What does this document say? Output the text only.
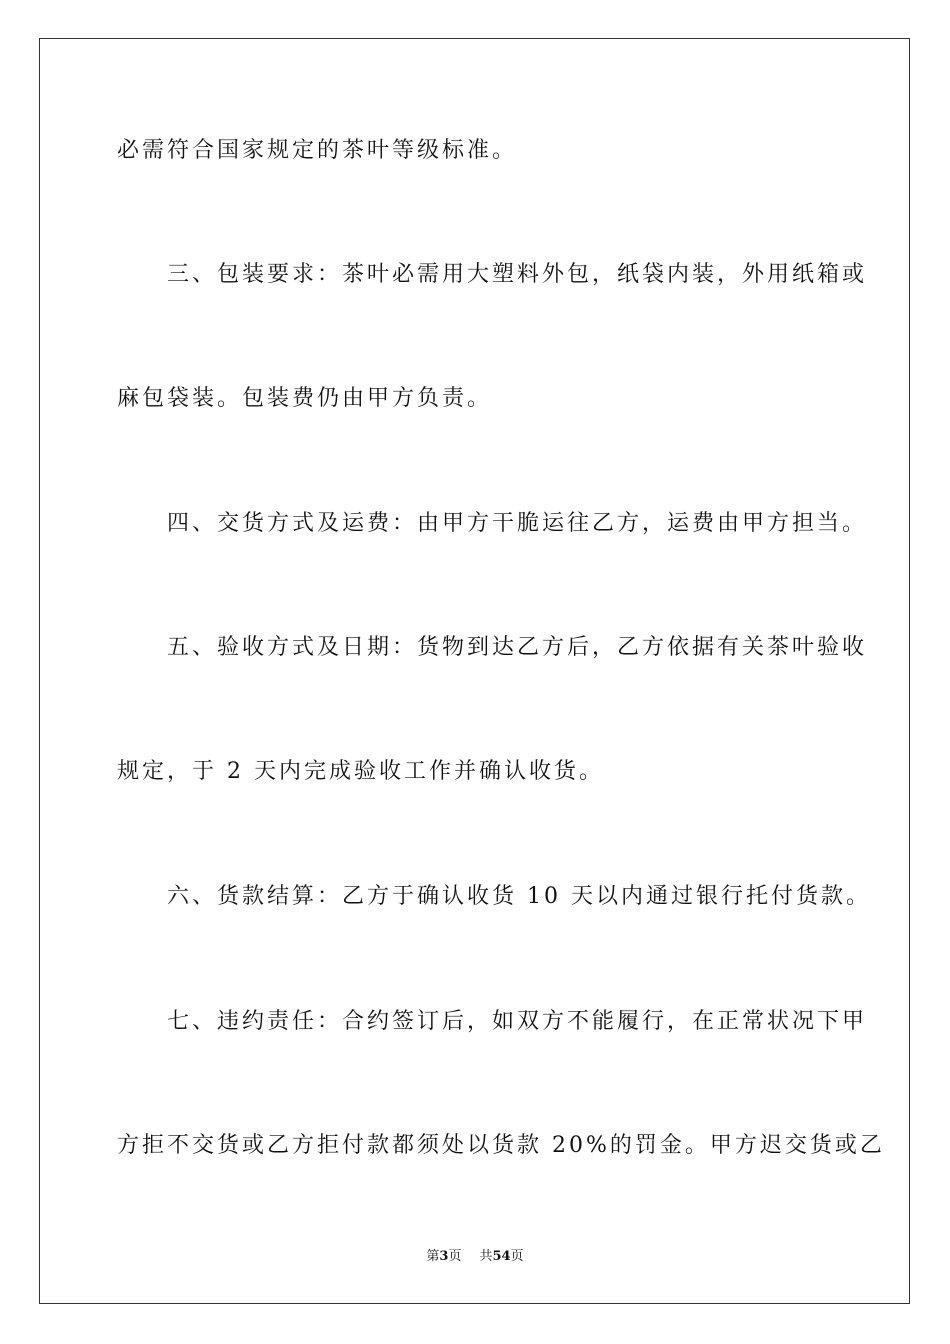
必需符合国家规定的茶叶等级标准。
　　三、包装要求：茶叶必需用大塑料外包，纸袋内装，外用纸箱或
麻包袋装。包装费仍由甲方负责。
　　四、交货方式及运费：由甲方干脆运往乙方，运费由甲方担当。
　　五、验收方式及日期：货物到达乙方后，乙方依据有关茶叶验收
规定，于 2 天内完成验收工作并确认收货。
　　六、货款结算：乙方于确认收货 10 天以内通过银行托付货款。
　　七、违约责任：合约签订后，如双方不能履行，在正常状况下甲
方拒不交货或乙方拒付款都须处以货款 20%的罚金。甲方迟交货或乙
第3页 共54页
